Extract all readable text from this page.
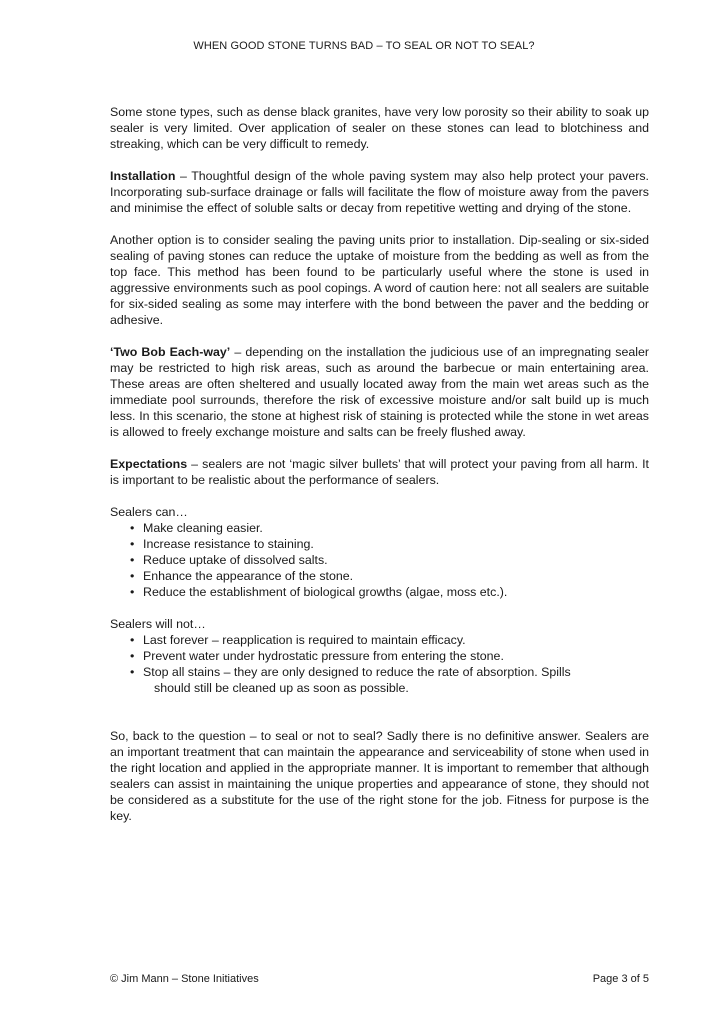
WHEN GOOD STONE TURNS BAD – TO SEAL OR NOT TO SEAL?

Some stone types, such as dense black granites, have very low porosity so their ability to soak up sealer is very limited. Over application of sealer on these stones can lead to blotchiness and streaking, which can be very difficult to remedy.

Installation – Thoughtful design of the whole paving system may also help protect your pavers. Incorporating sub-surface drainage or falls will facilitate the flow of moisture away from the pavers and minimise the effect of soluble salts or decay from repetitive wetting and drying of the stone.

Another option is to consider sealing the paving units prior to installation. Dip-sealing or six-sided sealing of paving stones can reduce the uptake of moisture from the bedding as well as from the top face. This method has been found to be particularly useful where the stone is used in aggressive environments such as pool copings. A word of caution here: not all sealers are suitable for six-sided sealing as some may interfere with the bond between the paver and the bedding or adhesive.

‘Two Bob Each-way’ – depending on the installation the judicious use of an impregnating sealer may be restricted to high risk areas, such as around the barbecue or main entertaining area. These areas are often sheltered and usually located away from the main wet areas such as the immediate pool surrounds, therefore the risk of excessive moisture and/or salt build up is much less. In this scenario, the stone at highest risk of staining is protected while the stone in wet areas is allowed to freely exchange moisture and salts can be freely flushed away.

Expectations – sealers are not ‘magic silver bullets’ that will protect your paving from all harm. It is important to be realistic about the performance of sealers.

Sealers can…

• Make cleaning easier.
• Increase resistance to staining.
• Reduce uptake of dissolved salts.
• Enhance the appearance of the stone.
• Reduce the establishment of biological growths (algae, moss etc.).

Sealers will not…

• Last forever – reapplication is required to maintain efficacy.
• Prevent water under hydrostatic pressure from entering the stone.
• Stop all stains – they are only designed to reduce the rate of absorption. Spills
should still be cleaned up as soon as possible.

So, back to the question – to seal or not to seal? Sadly there is no definitive answer. Sealers are an important treatment that can maintain the appearance and serviceability of stone when used in the right location and applied in the appropriate manner. It is important to remember that although sealers can assist in maintaining the unique properties and appearance of stone, they should not be considered as a substitute for the use of the right stone for the job. Fitness for purpose is the key.

© Jim Mann – Stone Initiatives	Page 3 of 5
